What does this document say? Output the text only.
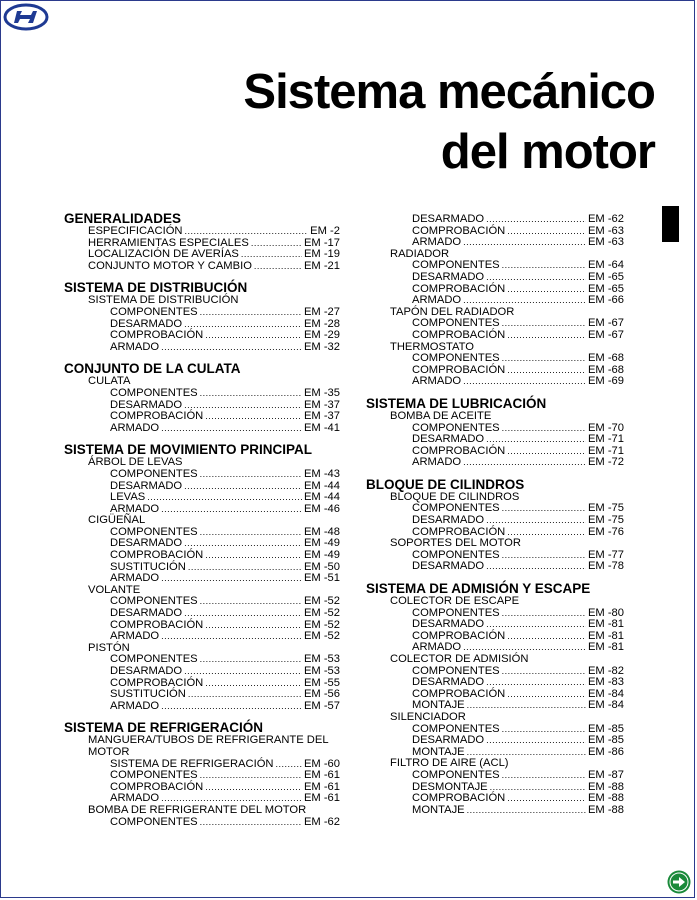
Sistema mecánico
del motor
GENERALIDADES
ESPECIFICACIÓN .....	EM -2
HERRAMIENTAS ESPECIALES .....	EM -17
LOCALIZACIÓN DE AVERÍAS .....	EM -19
CONJUNTO MOTOR Y CAMBIO .....	EM -21
SISTEMA DE DISTRIBUCIÓN
SISTEMA DE DISTRIBUCIÓN
COMPONENTES .....	EM -27
DESARMADO .....	EM -28
COMPROBACIÓN .....	EM -29
ARMADO .....	EM -32
CONJUNTO DE LA CULATA
CULATA
COMPONENTES .....	EM -35
DESARMADO .....	EM -37
COMPROBACIÓN .....	EM -37
ARMADO .....	EM -41
SISTEMA DE MOVIMIENTO PRINCIPAL
ÁRBOL DE LEVAS
COMPONENTES .....	EM -43
DESARMADO .....	EM -44
LEVAS .....	EM -44
ARMADO .....	EM -46
CIGÜEÑAL
COMPONENTES .....	EM -48
DESARMADO .....	EM -49
COMPROBACIÓN .....	EM -49
SUSTITUCIÓN .....	EM -50
ARMADO .....	EM -51
VOLANTE
COMPONENTES .....	EM -52
DESARMADO .....	EM -52
COMPROBACIÓN .....	EM -52
ARMADO .....	EM -52
PISTÓN
COMPONENTES .....	EM -53
DESARMADO .....	EM -53
COMPROBACIÓN .....	EM -55
SUSTITUCIÓN .....	EM -56
ARMADO .....	EM -57
SISTEMA DE REFRIGERACIÓN
MANGUERA/TUBOS DE REFRIGERANTE DEL
MOTOR
SISTEMA DE REFRIGERACIÓN .....	EM -60
COMPONENTES .....	EM -61
COMPROBACIÓN .....	EM -61
ARMADO .....	EM -61
BOMBA DE REFRIGERANTE DEL MOTOR
COMPONENTES .....	EM -62
DESARMADO .....	EM -62
COMPROBACIÓN .....	EM -63
ARMADO .....	EM -63
RADIADOR
COMPONENTES .....	EM -64
DESARMADO .....	EM -65
COMPROBACIÓN .....	EM -65
ARMADO .....	EM -66
TAPÓN DEL RADIADOR
COMPONENTES .....	EM -67
COMPROBACIÓN .....	EM -67
THERMOSTATO
COMPONENTES .....	EM -68
COMPROBACIÓN .....	EM -68
ARMADO .....	EM -69
SISTEMA DE LUBRICACIÓN
BOMBA DE ACEITE
COMPONENTES .....	EM -70
DESARMADO .....	EM -71
COMPROBACIÓN .....	EM -71
ARMADO .....	EM -72
BLOQUE DE CILINDROS
BLOQUE DE CILINDROS
COMPONENTES .....	EM -75
DESARMADO .....	EM -75
COMPROBACIÓN .....	EM -76
SOPORTES DEL MOTOR
COMPONENTES .....	EM -77
DESARMADO .....	EM -78
SISTEMA DE ADMISIÓN Y ESCAPE
COLECTOR DE ESCAPE
COMPONENTES .....	EM -80
DESARMADO .....	EM -81
COMPROBACIÓN .....	EM -81
ARMADO .....	EM -81
COLECTOR DE ADMISIÓN
COMPONENTES .....	EM -82
DESARMADO .....	EM -83
COMPROBACIÓN .....	EM -84
MONTAJE .....	EM -84
SILENCIADOR
COMPONENTES .....	EM -85
DESARMADO .....	EM -85
MONTAJE .....	EM -86
FILTRO DE AIRE (ACL)
COMPONENTES .....	EM -87
DESMONTAJE .....	EM -88
COMPROBACIÓN .....	EM -88
MONTAJE .....	EM -88
